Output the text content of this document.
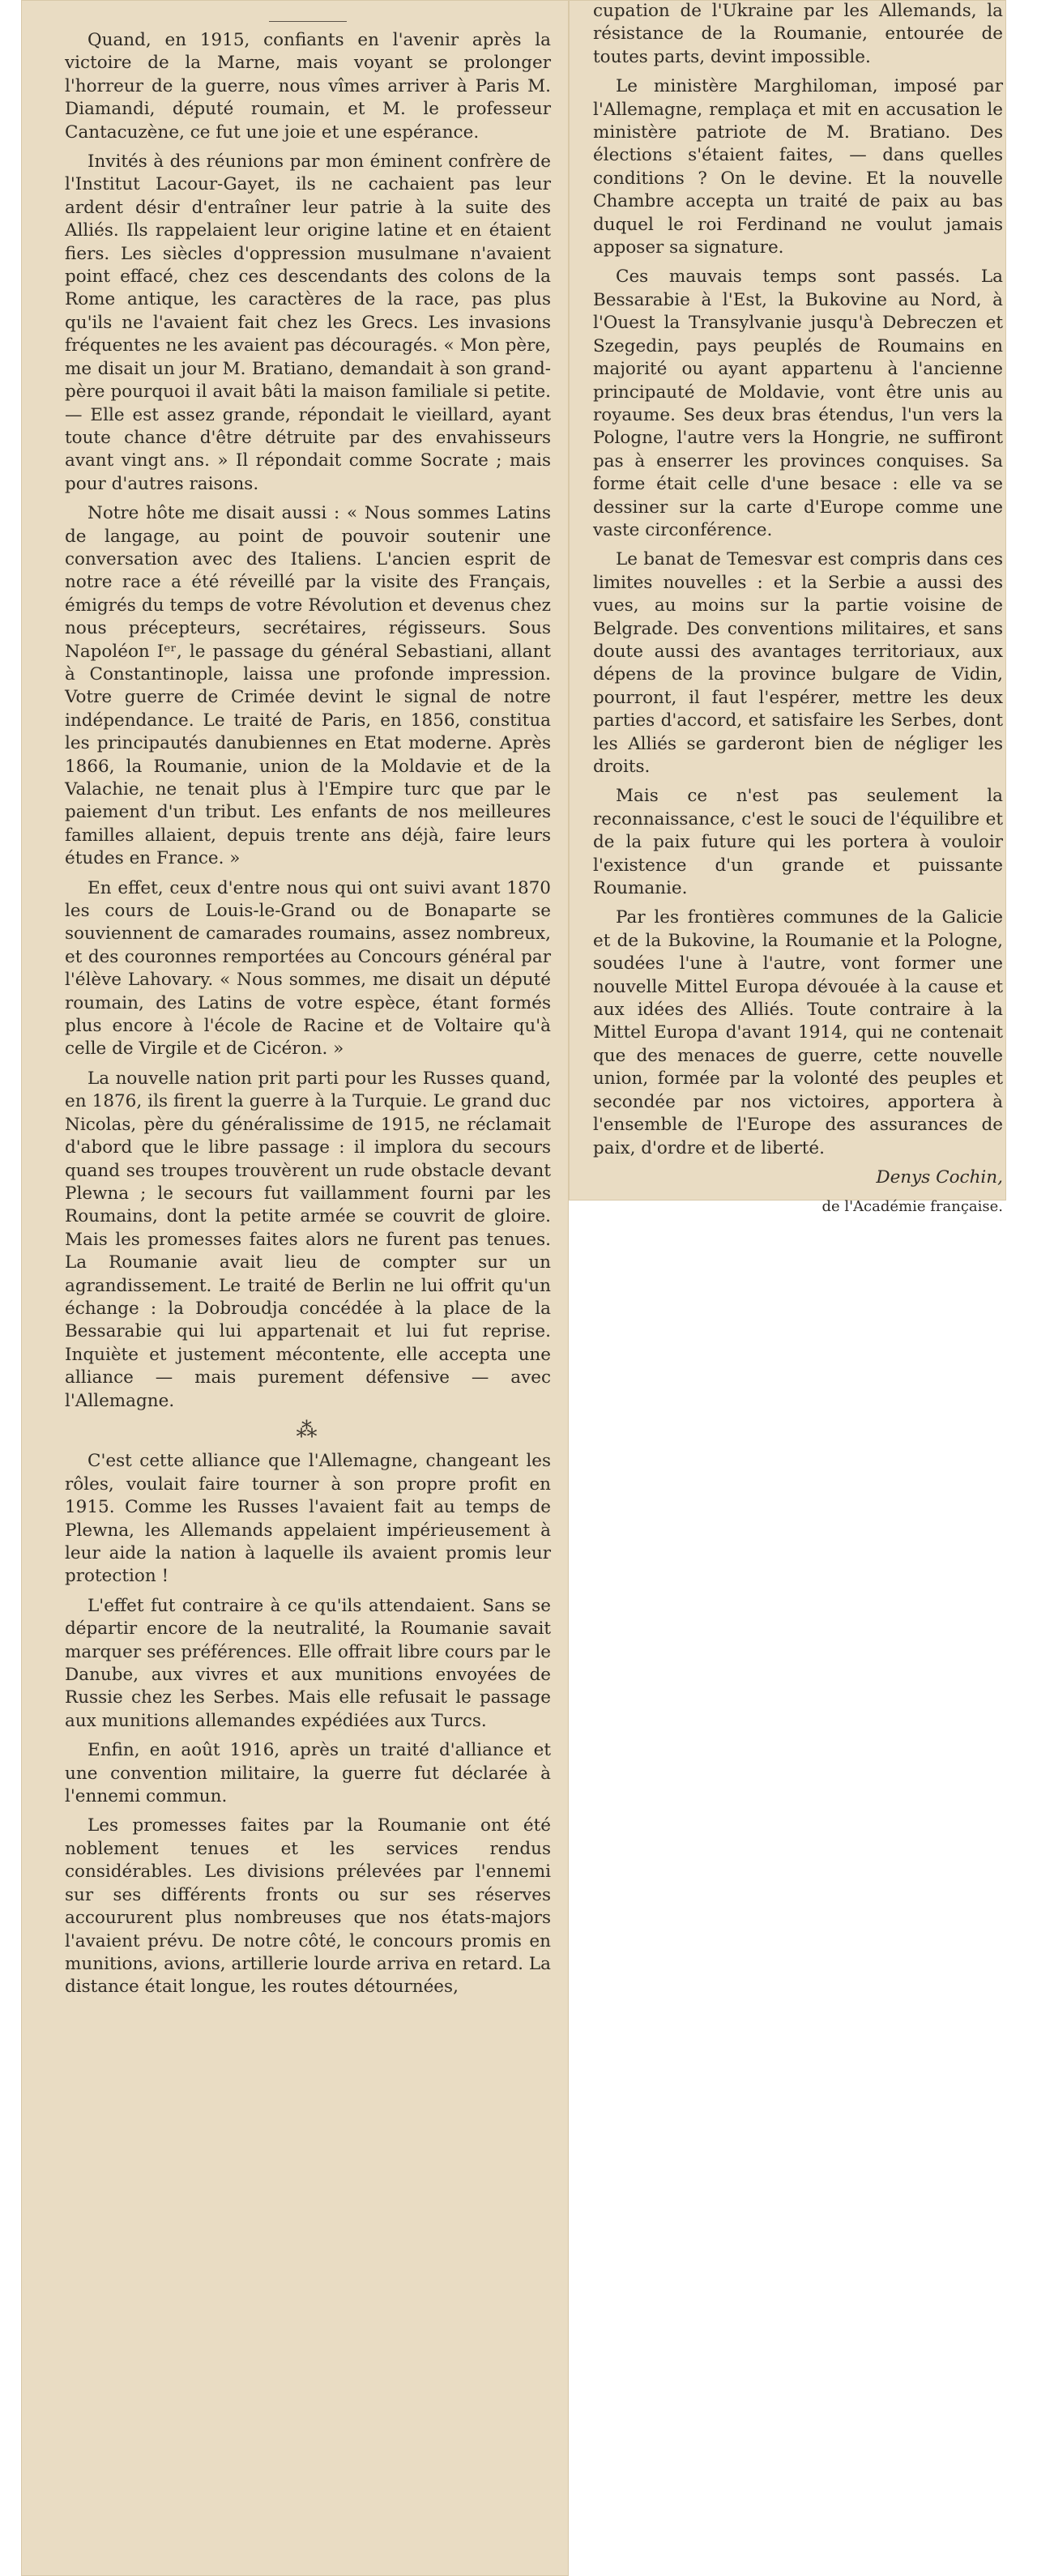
Quand, en 1915, confiants en l'avenir après la victoire de la Marne, mais voyant se prolonger l'horreur de la guerre, nous vîmes arriver à Paris M. Diamandi, député roumain, et M. le professeur Cantacuzène, ce fut une joie et une espérance.

Invités à des réunions par mon éminent confrère de l'Institut Lacour-Gayet, ils ne cachaient pas leur ardent désir d'entraîner leur patrie à la suite des Alliés. Ils rappelaient leur origine latine et en étaient fiers. Les siècles d'oppression musulmane n'avaient point effacé, chez ces descendants des colons de la Rome antique, les caractères de la race, pas plus qu'ils ne l'avaient fait chez les Grecs. Les invasions fréquentes ne les avaient pas découragés. « Mon père, me disait un jour M. Bratiano, demandait à son grand-père pourquoi il avait bâti la maison familiale si petite. — Elle est assez grande, répondait le vieillard, ayant toute chance d'être détruite par des envahisseurs avant vingt ans. » Il répondait comme Socrate ; mais pour d'autres raisons.

Notre hôte me disait aussi : « Nous sommes Latins de langage, au point de pouvoir soutenir une conversation avec des Italiens. L'ancien esprit de notre race a été réveillé par la visite des Français, émigrés du temps de votre Révolution et devenus chez nous précepteurs, secrétaires, régisseurs. Sous Napoléon Iᵉʳ, le passage du général Sebastiani, allant à Constantinople, laissa une profonde impression. Votre guerre de Crimée devint le signal de notre indépendance. Le traité de Paris, en 1856, constitua les principautés danubiennes en Etat moderne. Après 1866, la Roumanie, union de la Moldavie et de la Valachie, ne tenait plus à l'Empire turc que par le paiement d'un tribut. Les enfants de nos meilleures familles allaient, depuis trente ans déjà, faire leurs études en France. »

En effet, ceux d'entre nous qui ont suivi avant 1870 les cours de Louis-le-Grand ou de Bonaparte se souviennent de camarades roumains, assez nombreux, et des couronnes remportées au Concours général par l'élève Lahovary. « Nous sommes, me disait un député roumain, des Latins de votre espèce, étant formés plus encore à l'école de Racine et de Voltaire qu'à celle de Virgile et de Cicéron. »

La nouvelle nation prit parti pour les Russes quand, en 1876, ils firent la guerre à la Turquie. Le grand duc Nicolas, père du généralissime de 1915, ne réclamait d'abord que le libre passage : il implora du secours quand ses troupes trouvèrent un rude obstacle devant Plewna ; le secours fut vaillamment fourni par les Roumains, dont la petite armée se couvrit de gloire. Mais les promesses faites alors ne furent pas tenues. La Roumanie avait lieu de compter sur un agrandissement. Le traité de Berlin ne lui offrit qu'un échange : la Dobroudja concédée à la place de la Bessarabie qui lui appartenait et lui fut reprise. Inquiète et justement mécontente, elle accepta une alliance — mais purement défensive — avec l'Allemagne.

⁂

C'est cette alliance que l'Allemagne, changeant les rôles, voulait faire tourner à son propre profit en 1915. Comme les Russes l'avaient fait au temps de Plewna, les Allemands appelaient impérieusement à leur aide la nation à laquelle ils avaient promis leur protection !

L'effet fut contraire à ce qu'ils attendaient. Sans se départir encore de la neutralité, la Roumanie savait marquer ses préférences. Elle offrait libre cours par le Danube, aux vivres et aux munitions envoyées de Russie chez les Serbes. Mais elle refusait le passage aux munitions allemandes expédiées aux Turcs.

Enfin, en août 1916, après un traité d'alliance et une convention militaire, la guerre fut déclarée à l'ennemi commun.

Les promesses faites par la Roumanie ont été noblement tenues et les services rendus considérables. Les divisions prélevées par l'ennemi sur ses différents fronts ou sur ses réserves accoururent plus nombreuses que nos états-majors l'avaient prévu. De notre côté, le concours promis en munitions, avions, artillerie lourde arriva en retard. La distance était longue, les routes détournées,

cupation de l'Ukraine par les Allemands, la résistance de la Roumanie, entourée de toutes parts, devint impossible.

Le ministère Marghiloman, imposé par l'Allemagne, remplaça et mit en accusation le ministère patriote de M. Bratiano. Des élections s'étaient faites, — dans quelles conditions ? On le devine. Et la nouvelle Chambre accepta un traité de paix au bas duquel le roi Ferdinand ne voulut jamais apposer sa signature.

Ces mauvais temps sont passés. La Bessarabie à l'Est, la Bukovine au Nord, à l'Ouest la Transylvanie jusqu'à Debreczen et Szegedin, pays peuplés de Roumains en majorité ou ayant appartenu à l'ancienne principauté de Moldavie, vont être unis au royaume. Ses deux bras étendus, l'un vers la Pologne, l'autre vers la Hongrie, ne suffiront pas à enserrer les provinces conquises. Sa forme était celle d'une besace : elle va se dessiner sur la carte d'Europe comme une vaste circonférence.

Le banat de Temesvar est compris dans ces limites nouvelles : et la Serbie a aussi des vues, au moins sur la partie voisine de Belgrade. Des conventions militaires, et sans doute aussi des avantages territoriaux, aux dépens de la province bulgare de Vidin, pourront, il faut l'espérer, mettre les deux parties d'accord, et satisfaire les Serbes, dont les Alliés se garderont bien de négliger les droits.

Mais ce n'est pas seulement la reconnaissance, c'est le souci de l'équilibre et de la paix future qui les portera à vouloir l'existence d'un grande et puissante Roumanie.

Par les frontières communes de la Galicie et de la Bukovine, la Roumanie et la Pologne, soudées l'une à l'autre, vont former une nouvelle Mittel Europa dévouée à la cause et aux idées des Alliés. Toute contraire à la Mittel Europa d'avant 1914, qui ne contenait que des menaces de guerre, cette nouvelle union, formée par la volonté des peuples et secondée par nos victoires, apportera à l'ensemble de l'Europe des assurances de paix, d'ordre et de liberté.

Denys Cochin,

de l'Académie française.
